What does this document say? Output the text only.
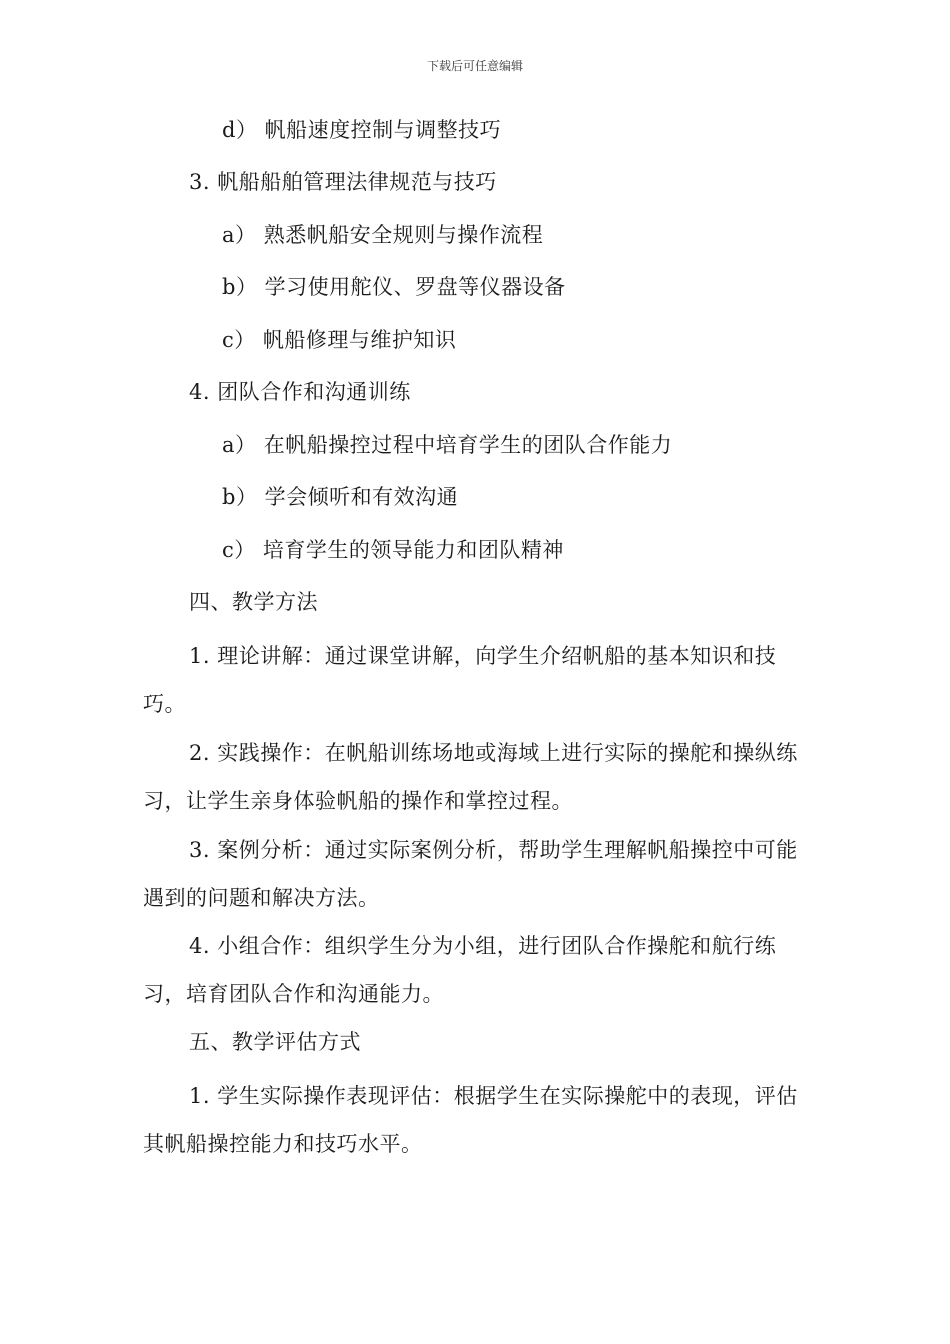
下载后可任意编辑
d） 帆船速度控制与调整技巧
3. 帆船船舶管理法律规范与技巧
a） 熟悉帆船安全规则与操作流程
b） 学习使用舵仪、罗盘等仪器设备
c） 帆船修理与维护知识
4. 团队合作和沟通训练
a） 在帆船操控过程中培育学生的团队合作能力
b） 学会倾听和有效沟通
c） 培育学生的领导能力和团队精神
四、教学方法
1. 理论讲解：通过课堂讲解，向学生介绍帆船的基本知识和技巧。
2. 实践操作：在帆船训练场地或海域上进行实际的操舵和操纵练习，让学生亲身体验帆船的操作和掌控过程。
3. 案例分析：通过实际案例分析，帮助学生理解帆船操控中可能遇到的问题和解决方法。
4. 小组合作：组织学生分为小组，进行团队合作操舵和航行练习，培育团队合作和沟通能力。
五、教学评估方式
1. 学生实际操作表现评估：根据学生在实际操舵中的表现，评估其帆船操控能力和技巧水平。
